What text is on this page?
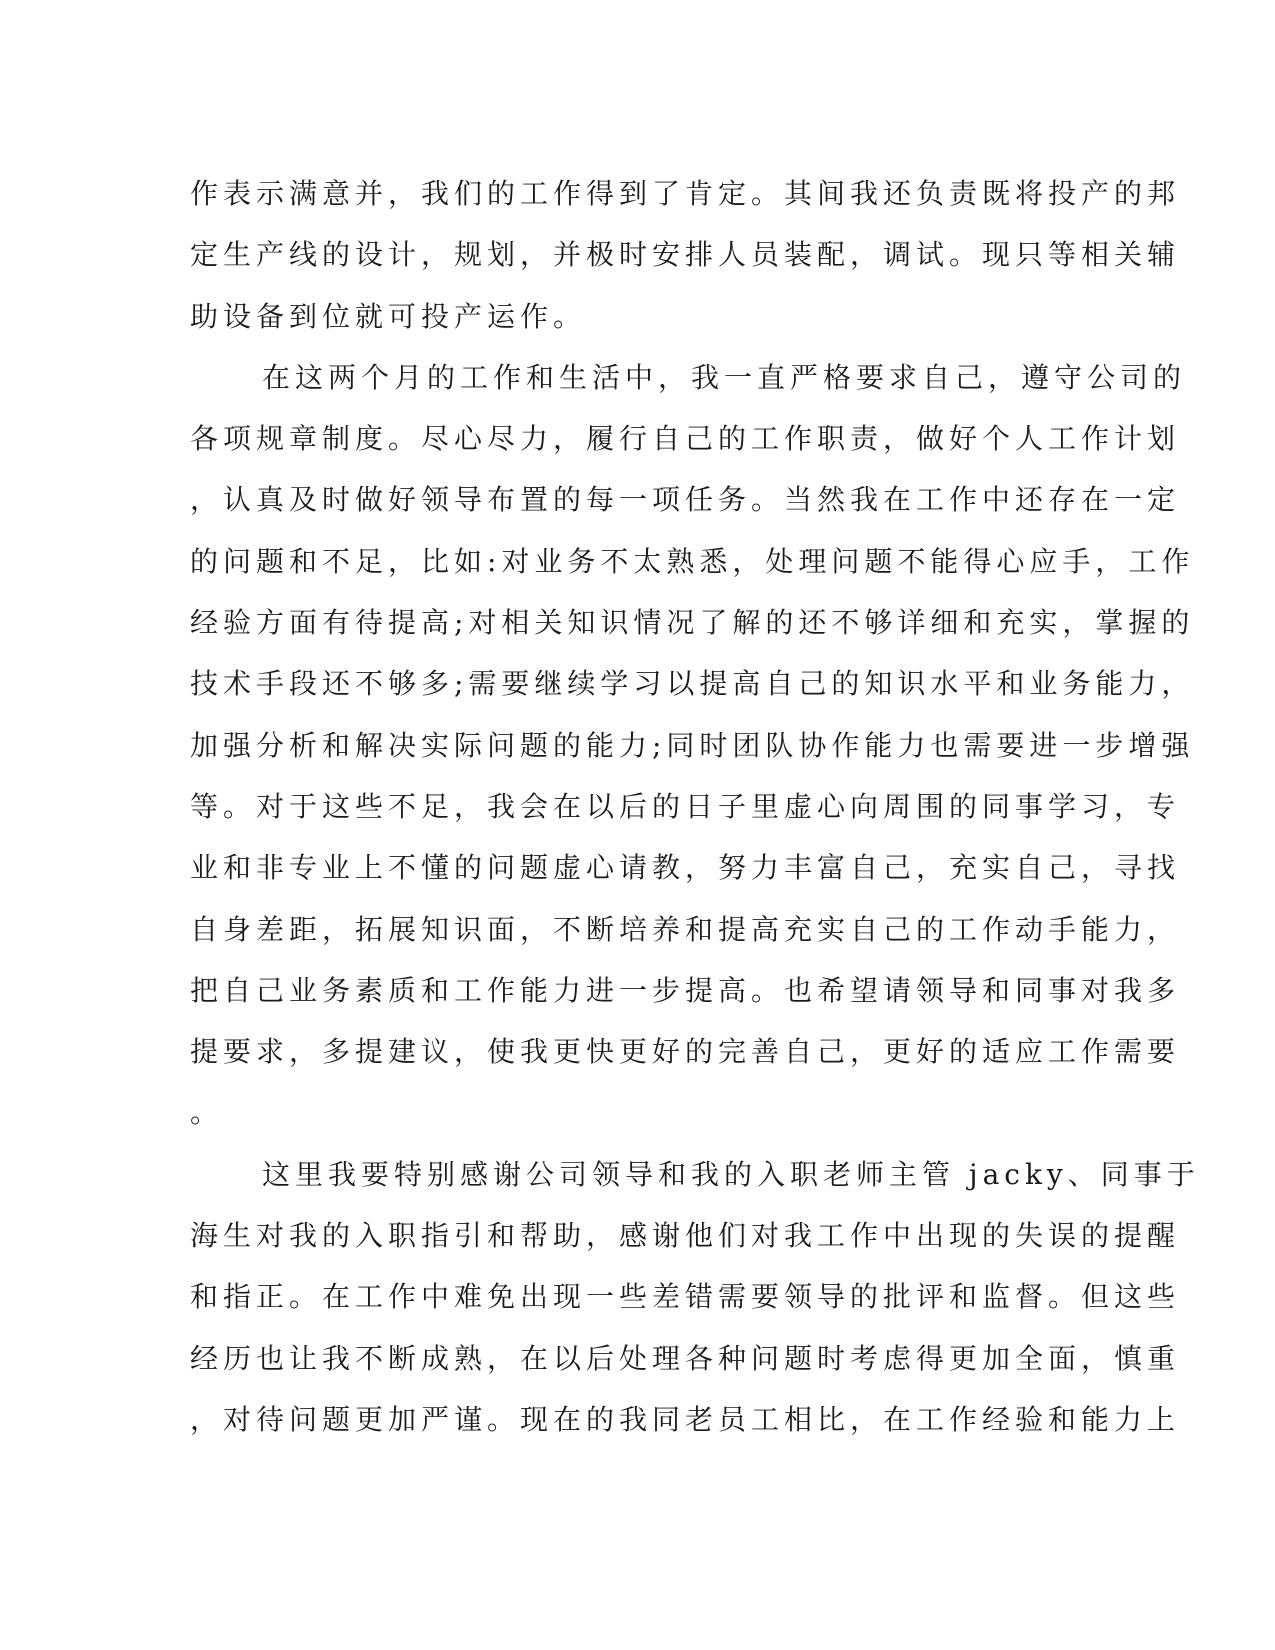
作表示满意并，我们的工作得到了肯定。其间我还负责既将投产的邦
定生产线的设计，规划，并极时安排人员装配，调试。现只等相关辅
助设备到位就可投产运作。
在这两个月的工作和生活中，我一直严格要求自己，遵守公司的
各项规章制度。尽心尽力，履行自己的工作职责，做好个人工作计划
，认真及时做好领导布置的每一项任务。当然我在工作中还存在一定
的问题和不足，比如:对业务不太熟悉，处理问题不能得心应手，工作
经验方面有待提高;对相关知识情况了解的还不够详细和充实，掌握的
技术手段还不够多;需要继续学习以提高自己的知识水平和业务能力，
加强分析和解决实际问题的能力;同时团队协作能力也需要进一步增强
等。对于这些不足，我会在以后的日子里虚心向周围的同事学习，专
业和非专业上不懂的问题虚心请教，努力丰富自己，充实自己，寻找
自身差距，拓展知识面，不断培养和提高充实自己的工作动手能力，
把自己业务素质和工作能力进一步提高。也希望请领导和同事对我多
提要求，多提建议，使我更快更好的完善自己，更好的适应工作需要
。
这里我要特别感谢公司领导和我的入职老师主管 jacky、同事于
海生对我的入职指引和帮助，感谢他们对我工作中出现的失误的提醒
和指正。在工作中难免出现一些差错需要领导的批评和监督。但这些
经历也让我不断成熟，在以后处理各种问题时考虑得更加全面，慎重
，对待问题更加严谨。现在的我同老员工相比，在工作经验和能力上
